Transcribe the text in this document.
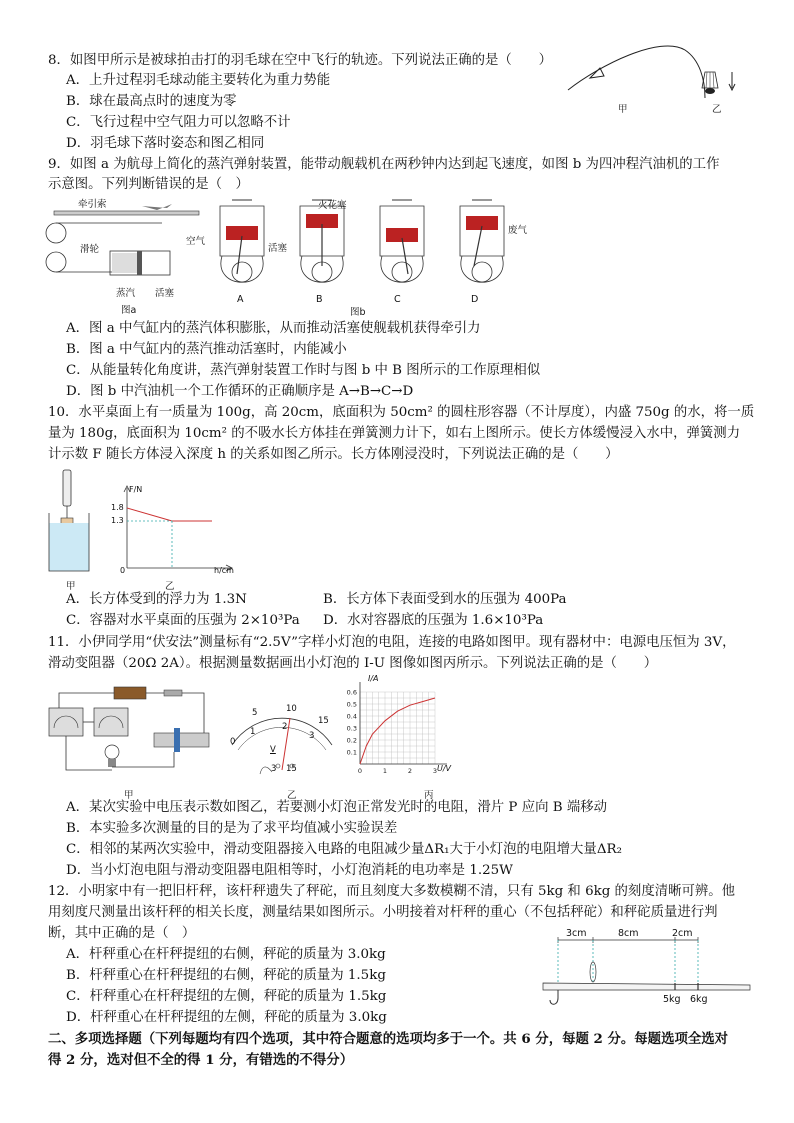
8．如图甲所示是被球拍击打的羽毛球在空中飞行的轨迹。下列说法正确的是（　　）
A．上升过程羽毛球动能主要转化为重力势能
B．球在最高点时的速度为零
C．飞行过程中空气阻力可以忽略不计
D．羽毛球下落时姿态和图乙相同
甲	乙
9．如图 a 为航母上简化的蒸汽弹射装置，能带动舰载机在两秒钟内达到起飞速度，如图 b 为四冲程汽油机的工作
示意图。下列判断错误的是（　）
牵引索
滑轮
蒸汽 活塞
图a
火花塞
空气
活塞
废气
A	B	C	D
图b
A．图 a 中气缸内的蒸汽体积膨胀，从而推动活塞使舰载机获得牵引力
B．图 a 中气缸内的蒸汽推动活塞时，内能减小
C．从能量转化角度讲，蒸汽弹射装置工作时与图 b 中 B 图所示的工作原理相似
D．图 b 中汽油机一个工作循环的正确顺序是 A→B→C→D
10．水平桌面上有一质量为 100g，高 20cm，底面积为 50cm² 的圆柱形容器（不计厚度），内盛 750g 的水，将一质
量为 180g，底面积为 10cm² 的不吸水长方体挂在弹簧测力计下，如右上图所示。使长方体缓慢浸入水中，弹簧测力
计示数 F 随长方体浸入深度 h 的关系如图乙所示。长方体刚浸没时，下列说法正确的是（　　）
甲
F/N
1.8
1.3
0	h/cm
乙
A．长方体受到的浮力为 1.3N	B．长方体下表面受到水的压强为 400Pa
C．容器对水平桌面的压强为 2×10³Pa D．水对容器底的压强为 1.6×10³Pa
11．小伊同学用“伏安法”测量标有“2.5V”字样小灯泡的电阻，连接的电路如图甲。现有器材中：电源电压恒为 3V，
滑动变阻器（20Ω 2A）。根据测量数据画出小灯泡的 I-U 图像如图丙所示。下列说法正确的是（　　）
甲
0
5	10
15
1	2
3
V
3 15
乙
0.6
0.5
0.4
0.3
0.2
0.1
0	1	2	3
I/A
U/V
丙
A．某次实验中电压表示数如图乙，若要测小灯泡正常发光时的电阻，滑片 P 应向 B 端移动
B．本实验多次测量的目的是为了求平均值减小实验误差
C．相邻的某两次实验中，滑动变阻器接入电路的电阻减少量ΔR₁大于小灯泡的电阻增大量ΔR₂
D．当小灯泡电阻与滑动变阻器电阻相等时，小灯泡消耗的电功率是 1.25W
12．小明家中有一把旧杆秤，该杆秤遗失了秤砣，而且刻度大多数模糊不清，只有 5kg 和 6kg 的刻度清晰可辨。他
用刻度尺测量出该杆秤的相关长度，测量结果如图所示。小明接着对杆秤的重心（不包括秤砣）和秤砣质量进行判
断，其中正确的是（　）
A．杆秤重心在杆秤提纽的右侧，秤砣的质量为 3.0kg
B．杆秤重心在杆秤提纽的右侧，秤砣的质量为 1.5kg
C．杆秤重心在杆秤提纽的左侧，秤砣的质量为 1.5kg
D．杆秤重心在杆秤提纽的左侧，秤砣的质量为 3.0kg
3cm	8cm	2cm
5kg 6kg
二、多项选择题（下列每题均有四个选项，其中符合题意的选项均多于一个。共 6 分，每题 2 分。每题选项全选对
得 2 分，选对但不全的得 1 分，有错选的不得分）
